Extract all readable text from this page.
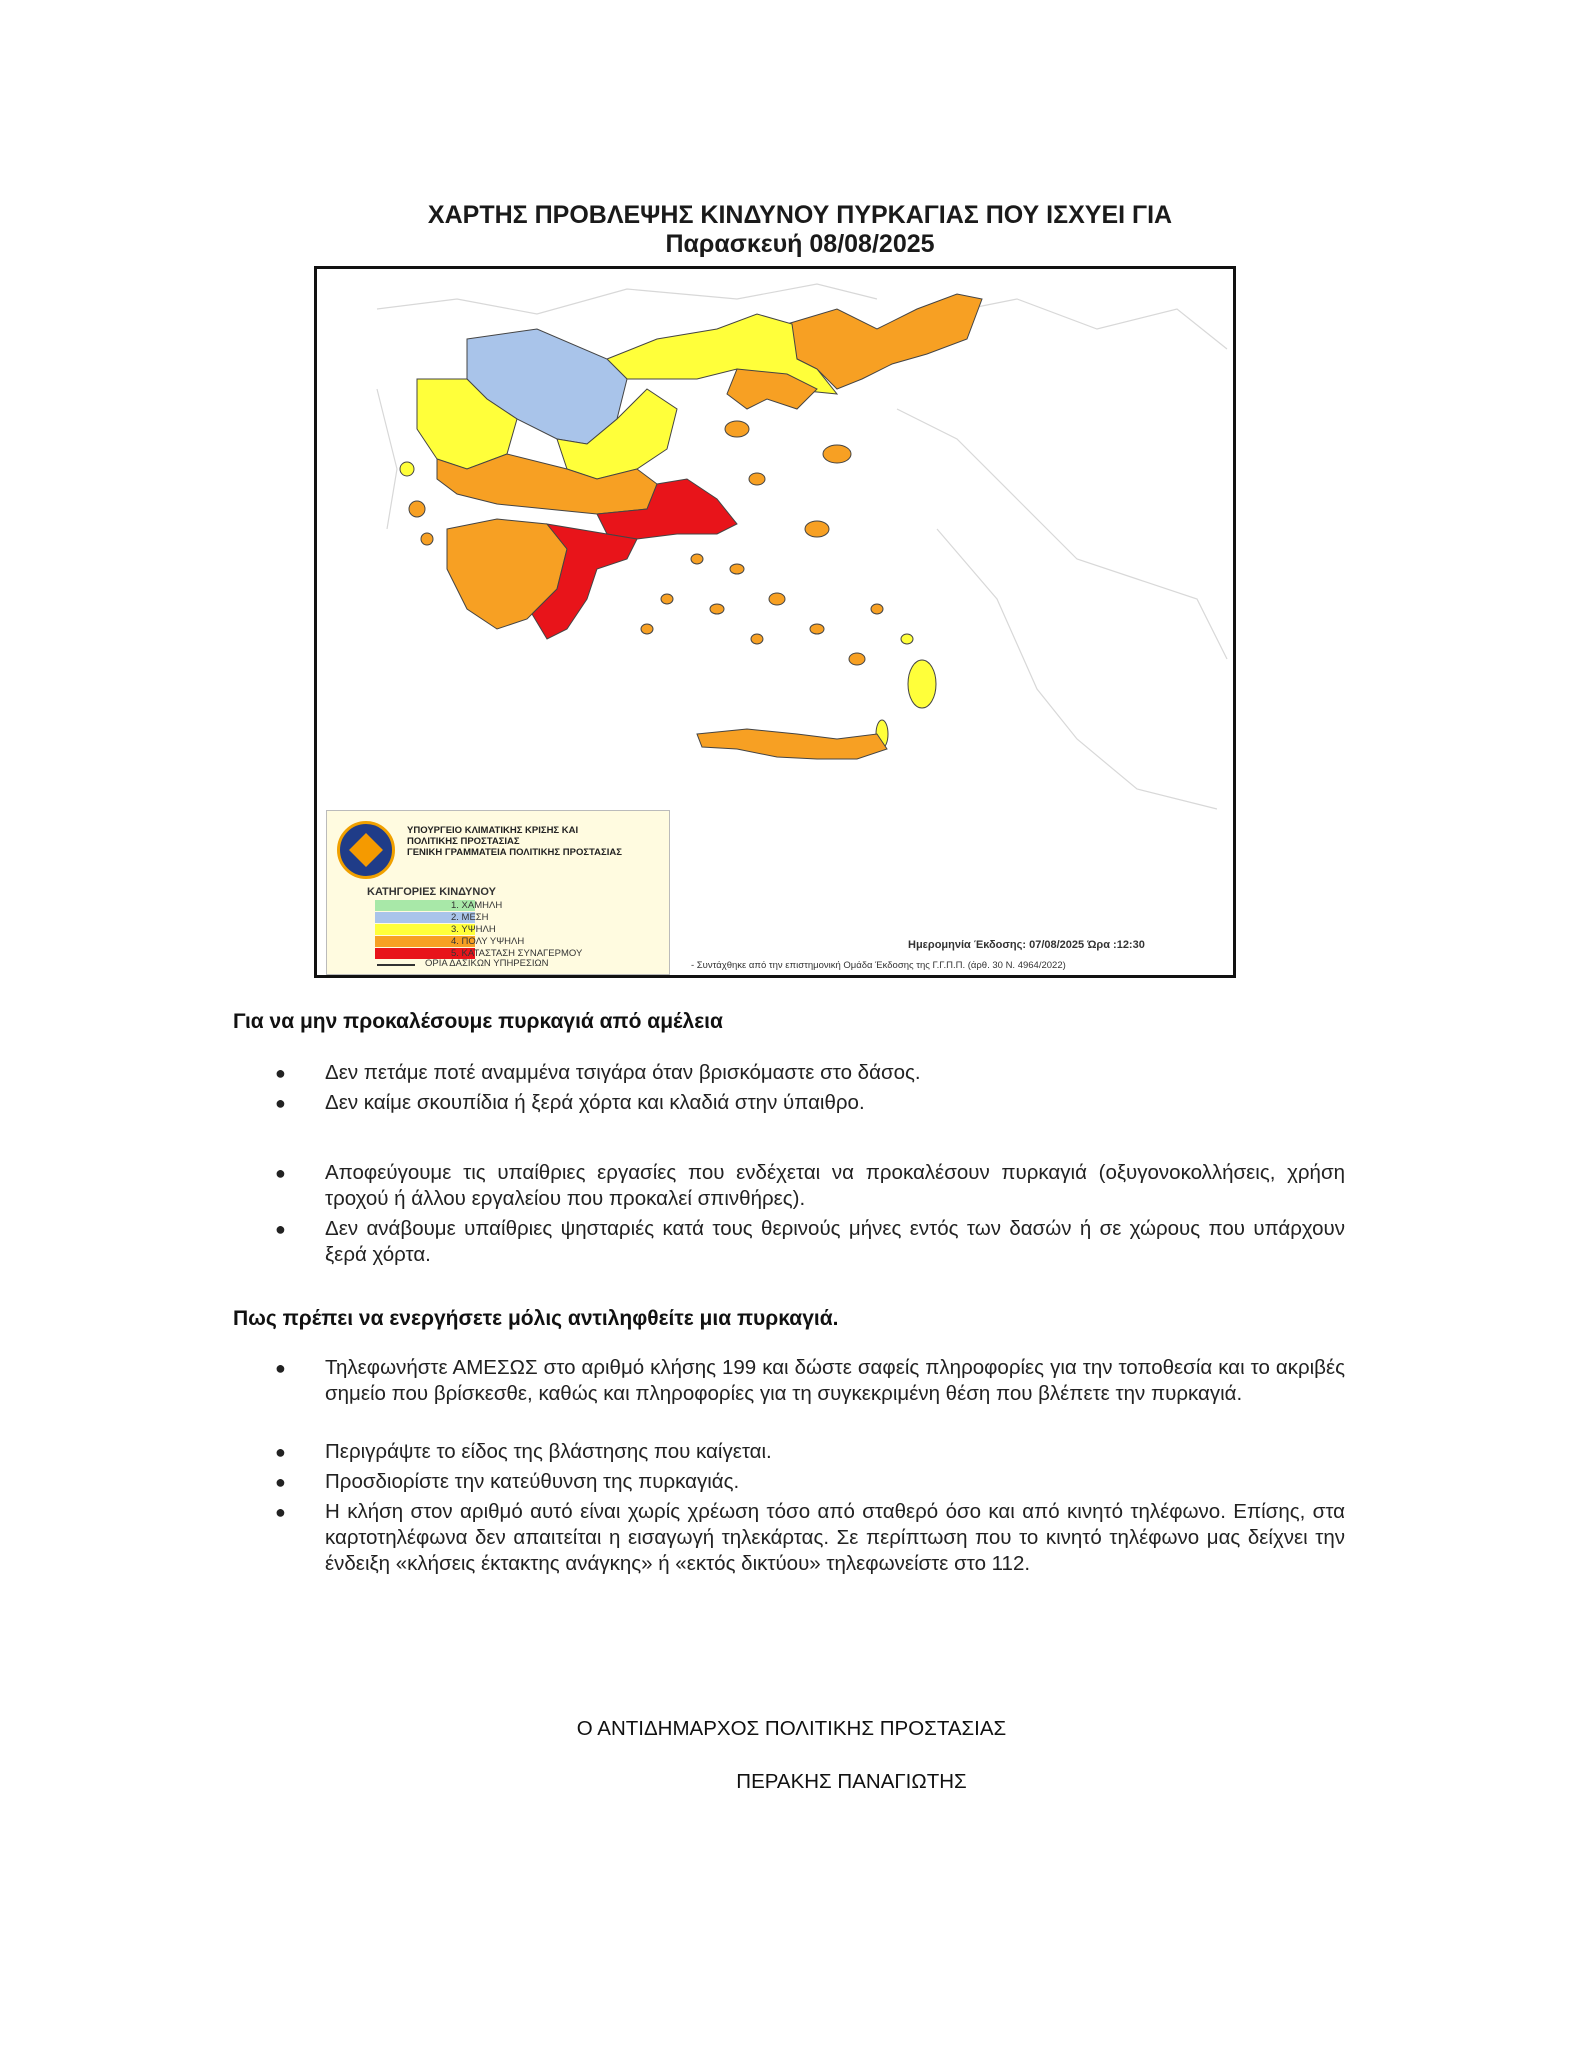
ΧΑΡΤΗΣ ΠΡΟΒΛΕΨΗΣ ΚΙΝΔΥΝΟΥ ΠΥΡΚΑΓΙΑΣ ΠΟΥ ΙΣΧΥΕΙ ΓΙΑ
Παρασκευή 08/08/2025
ΥΠΟΥΡΓΕΙΟ ΚΛΙΜΑΤΙΚΗΣ ΚΡΙΣΗΣ ΚΑΙ
ΠΟΛΙΤΙΚΗΣ ΠΡΟΣΤΑΣΙΑΣ
ΓΕΝΙΚΗ ΓΡΑΜΜΑΤΕΙΑ ΠΟΛΙΤΙΚΗΣ ΠΡΟΣΤΑΣΙΑΣ
ΚΑΤΗΓΟΡΙΕΣ ΚΙΝΔΥΝΟΥ
1. ΧΑΜΗΛΗ
2. ΜΕΣΗ
3. ΥΨΗΛΗ
4. ΠΟΛΥ ΥΨΗΛΗ
5. ΚΑΤΑΣΤΑΣΗ ΣΥΝΑΓΕΡΜΟΥ
ΟΡΙΑ ΔΑΣΙΚΩΝ ΥΠΗΡΕΣΙΩΝ
Ημερομηνία Έκδοσης: 07/08/2025 Ώρα :12:30
- Συντάχθηκε από την επιστημονική Ομάδα Έκδοσης της Γ.Γ.Π.Π. (άρθ. 30 Ν. 4964/2022)
Για να μην προκαλέσουμε πυρκαγιά από αμέλεια
● Δεν πετάμε ποτέ αναμμένα τσιγάρα όταν βρισκόμαστε στο δάσος.
● Δεν καίμε σκουπίδια ή ξερά χόρτα και κλαδιά στην ύπαιθρο.
● Αποφεύγουμε τις υπαίθριες εργασίες που ενδέχεται να προκαλέσουν πυρκαγιά (οξυγονοκολλήσεις, χρήση τροχού ή άλλου εργαλείου που προκαλεί σπινθήρες).
● Δεν ανάβουμε υπαίθριες ψησταριές κατά τους θερινούς μήνες εντός των δασών ή σε χώρους που υπάρχουν ξερά χόρτα.
Πως πρέπει να ενεργήσετε μόλις αντιληφθείτε μια πυρκαγιά.
● Τηλεφωνήστε ΑΜΕΣΩΣ στο αριθμό κλήσης 199 και δώστε σαφείς πληροφορίες για την τοποθεσία και το ακριβές σημείο που βρίσκεσθε, καθώς και πληροφορίες για τη συγκεκριμένη θέση που βλέπετε την πυρκαγιά.
● Περιγράψτε το είδος της βλάστησης που καίγεται.
● Προσδιορίστε την κατεύθυνση της πυρκαγιάς.
● Η κλήση στον αριθμό αυτό είναι χωρίς χρέωση τόσο από σταθερό όσο και από κινητό τηλέφωνο. Επίσης, στα καρτοτηλέφωνα δεν απαιτείται η εισαγωγή τηλεκάρτας. Σε περίπτωση που το κινητό τηλέφωνο μας δείχνει την ένδειξη «κλήσεις έκτακτης ανάγκης» ή «εκτός δικτύου» τηλεφωνείστε στο 112.
Ο ΑΝΤΙΔΗΜΑΡΧΟΣ ΠΟΛΙΤΙΚΗΣ ΠΡΟΣΤΑΣΙΑΣ
ΠΕΡΑΚΗΣ ΠΑΝΑΓΙΩΤΗΣ
